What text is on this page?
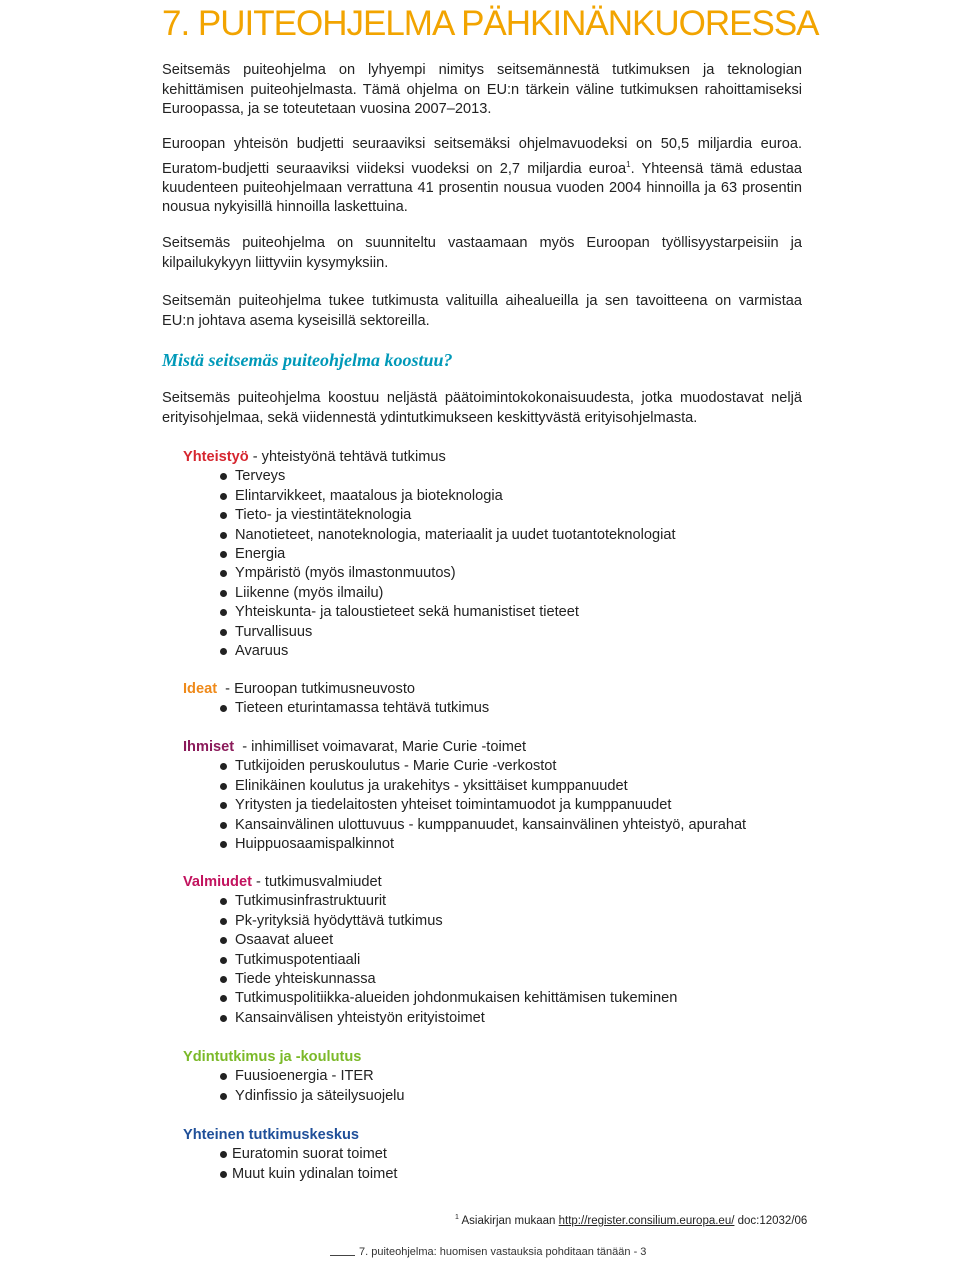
7. PUITEOHJELMA PÄHKINÄNKUORESSA

Seitsemäs puiteohjelma on lyhyempi nimitys seitsemännestä tutkimuksen ja teknologian kehittämisen puiteohjelmasta. Tämä ohjelma on EU:n tärkein väline tutkimuksen rahoittamiseksi Euroopassa, ja se toteutetaan vuosina 2007–2013.

Euroopan yhteisön budjetti seuraaviksi seitsemäksi ohjelmavuodeksi on 50,5 miljardia euroa. Euratom-budjetti seuraaviksi viideksi vuodeksi on 2,7 miljardia euroa$^1$. Yhteensä tämä edustaa kuudenteen puiteohjelmaan verrattuna 41 prosentin nousua vuoden 2004 hinnoilla ja 63 prosentin nousua nykyisillä hinnoilla laskettuina.

Seitsemäs puiteohjelma on suunniteltu vastaamaan myös Euroopan työllisyystarpeisiin ja kilpailukykyyn liittyviin kysymyksiin.

Seitsemän puiteohjelma tukee tutkimusta valituilla aihealueilla ja sen tavoitteena on varmistaa EU:n johtava asema kyseisillä sektoreilla.

Mistä seitsemäs puiteohjelma koostuu?

Seitsemäs puiteohjelma koostuu neljästä päätoimintokokonaisuudesta, jotka muodostavat neljä erityisohjelmaa, sekä viidennestä ydintutkimukseen keskittyvästä erityisohjelmasta.

Yhteistyö - yhteistyönä tehtävä tutkimus
Terveys
Elintarvikkeet, maatalous ja bioteknologia
Tieto- ja viestintäteknologia
Nanotieteet, nanoteknologia, materiaalit ja uudet tuotantoteknologiat
Energia
Ympäristö (myös ilmastonmuutos)
Liikenne (myös ilmailu)
Yhteiskunta- ja taloustieteet sekä humanistiset tieteet
Turvallisuus
Avaruus
Ideat  - Euroopan tutkimusneuvosto
Tieteen eturintamassa tehtävä tutkimus
Ihmiset  - inhimilliset voimavarat, Marie Curie -toimet
Tutkijoiden peruskoulutus - Marie Curie -verkostot
Elinikäinen koulutus ja urakehitys - yksittäiset kumppanuudet
Yritysten ja tiedelaitosten yhteiset toimintamuodot ja kumppanuudet
Kansainvälinen ulottuvuus - kumppanuudet, kansainvälinen yhteistyö, apurahat
Huippuosaamispalkinnot
Valmiudet - tutkimusvalmiudet
Tutkimusinfrastruktuurit
Pk-yrityksiä hyödyttävä tutkimus
Osaavat alueet
Tutkimuspotentiaali
Tiede yhteiskunnassa
Tutkimuspolitiikka-alueiden johdonmukaisen kehittämisen tukeminen
Kansainvälisen yhteistyön erityistoimet
Ydintutkimus ja -koulutus
Fuusioenergia - ITER
Ydinfissio ja säteilysuojelu
Yhteinen tutkimuskeskus
Euratomin suorat toimet
Muut kuin ydinalan toimet

$^1$ Asiakirjan mukaan http://register.consilium.europa.eu/ doc:12032/06

7. puiteohjelma: huomisen vastauksia pohditaan tänään - 3
